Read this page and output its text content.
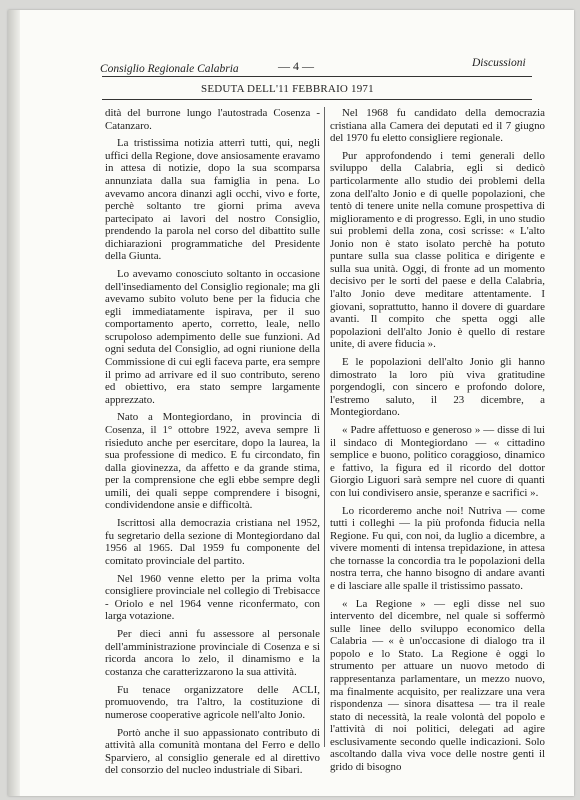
Consiglio Regionale Calabria	— 4 —	Discussioni
SEDUTA DELL'11 FEBBRAIO 1971

dità del burrone lungo l'autostrada Cosenza - Catanzaro.

La tristissima notizia atterrì tutti, qui, negli uffici della Regione, dove ansiosamente eravamo in attesa di notizie, dopo la sua scomparsa annunziata dalla sua famiglia in pena. Lo avevamo ancora dinanzi agli occhi, vivo e forte, perchè soltanto tre giorni prima aveva partecipato ai lavori del nostro Consiglio, prendendo la parola nel corso del dibattito sulle dichiarazioni programmatiche del Presidente della Giunta.

Lo avevamo conosciuto soltanto in occasione dell'insediamento del Consiglio regionale; ma gli avevamo subito voluto bene per la fiducia che egli immediatamente ispirava, per il suo comportamento aperto, corretto, leale, nello scrupoloso adempimento delle sue funzioni. Ad ogni seduta del Consiglio, ad ogni riunione della Commissione di cui egli faceva parte, era sempre il primo ad arrivare ed il suo contributo, sereno ed obiettivo, era stato sempre largamente apprezzato.

Nato a Montegiordano, in provincia di Cosenza, il 1° ottobre 1922, aveva sempre lì risieduto anche per esercitare, dopo la laurea, la sua professione di medico. E fu circondato, fin dalla giovinezza, da affetto e da grande stima, per la comprensione che egli ebbe sempre degli umili, dei quali seppe comprendere i bisogni, condividendone ansie e difficoltà.

Iscrittosi alla democrazia cristiana nel 1952, fu segretario della sezione di Montegiordano dal 1956 al 1965. Dal 1959 fu componente del comitato provinciale del partito.

Nel 1960 venne eletto per la prima volta consigliere provinciale nel collegio di Trebisacce - Oriolo e nel 1964 venne riconfermato, con larga votazione.

Per dieci anni fu assessore al personale dell'amministrazione provinciale di Cosenza e si ricorda ancora lo zelo, il dinamismo e la costanza che caratterizzarono la sua attività.

Fu tenace organizzatore delle ACLI, promuovendo, tra l'altro, la costituzione di numerose cooperative agricole nell'alto Jonio.

Portò anche il suo appassionato contributo di attività alla comunità montana del Ferro e dello Sparviero, al consiglio generale ed al direttivo del consorzio del nucleo industriale di Sibari.

Nel 1968 fu candidato della democrazia cristiana alla Camera dei deputati ed il 7 giugno del 1970 fu eletto consigliere regionale.

Pur approfondendo i temi generali dello sviluppo della Calabria, egli si dedicò particolarmente allo studio dei problemi della zona dell'alto Jonio e di quelle popolazioni, che tentò di tenere unite nella comune prospettiva di miglioramento e di progresso. Egli, in uno studio sui problemi della zona, così scrisse: « L'alto Jonio non è stato isolato perchè ha potuto puntare sulla sua classe politica e dirigente e sulla sua unità. Oggi, di fronte ad un momento decisivo per le sorti del paese e della Calabria, l'alto Jonio deve meditare attentamente. I giovani, soprattutto, hanno il dovere di guardare avanti. Il compito che spetta oggi alle popolazioni dell'alto Jonio è quello di restare unite, di avere fiducia ».

E le popolazioni dell'alto Jonio gli hanno dimostrato la loro più viva gratitudine porgendogli, con sincero e profondo dolore, l'estremo saluto, il 23 dicembre, a Montegiordano.

« Padre affettuoso e generoso » — disse di lui il sindaco di Montegiordano — « cittadino semplice e buono, politico coraggioso, dinamico e fattivo, la figura ed il ricordo del dottor Giorgio Liguori sarà sempre nel cuore di quanti con lui condivisero ansie, speranze e sacrifici ».

Lo ricorderemo anche noi! Nutriva — come tutti i colleghi — la più profonda fiducia nella Regione. Fu qui, con noi, da luglio a dicembre, a vivere momenti di intensa trepidazione, in attesa che tornasse la concordia tra le popolazioni della nostra terra, che hanno bisogno di andare avanti e di lasciare alle spalle il tristissimo passato.

« La Regione » — egli disse nel suo intervento del dicembre, nel quale si soffermò sulle linee dello sviluppo economico della Calabria — « è un'occasione di dialogo tra il popolo e lo Stato. La Regione è oggi lo strumento per attuare un nuovo metodo di rappresentanza parlamentare, un mezzo nuovo, ma finalmente acquisito, per realizzare una vera rispondenza — sinora disattesa — tra il reale stato di necessità, la reale volontà del popolo e l'attività di noi politici, delegati ad agire esclusivamente secondo quelle indicazioni. Solo ascoltando dalla viva voce delle nostre genti il grido di bisogno
